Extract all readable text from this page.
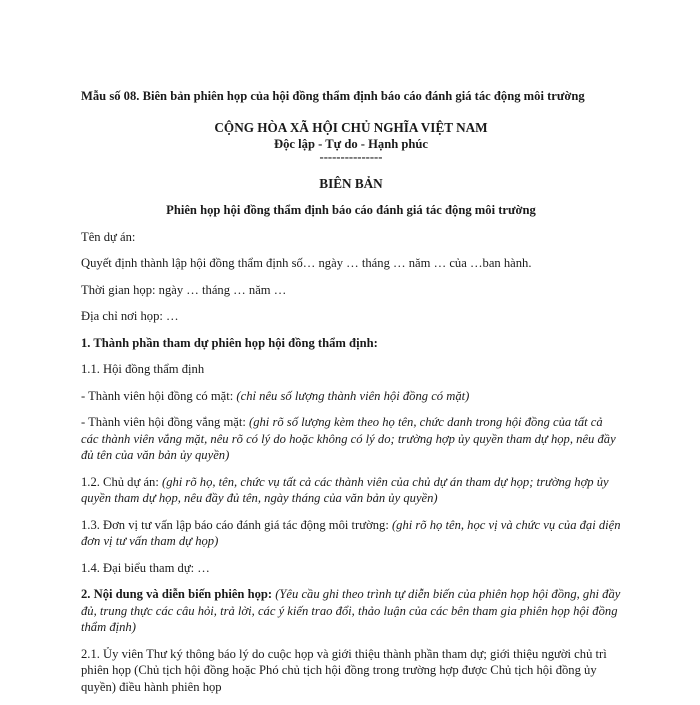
Mẫu số 08. Biên bản phiên họp của hội đồng thẩm định báo cáo đánh giá tác động môi trường

CỘNG HÒA XÃ HỘI CHỦ NGHĨA VIỆT NAM
Độc lập - Tự do - Hạnh phúc
---------------
BIÊN BẢN
Phiên họp hội đồng thẩm định báo cáo đánh giá tác động môi trường

Tên dự án:

Quyết định thành lập hội đồng thẩm định số… ngày … tháng … năm … của …ban hành.

Thời gian họp: ngày … tháng … năm …

Địa chỉ nơi họp: …

1. Thành phần tham dự phiên họp hội đồng thẩm định:

1.1. Hội đồng thẩm định

- Thành viên hội đồng có mặt: (chỉ nêu số lượng thành viên hội đồng có mặt)

- Thành viên hội đồng vắng mặt: (ghi rõ số lượng kèm theo họ tên, chức danh trong hội đồng của tất cả các thành viên vắng mặt, nêu rõ có lý do hoặc không có lý do; trường hợp ủy quyền tham dự họp, nêu đầy đủ tên của văn bản ủy quyền)

1.2. Chủ dự án: (ghi rõ họ, tên, chức vụ tất cả các thành viên của chủ dự án tham dự họp; trường hợp ủy quyền tham dự họp, nêu đầy đủ tên, ngày tháng của văn bản ủy quyền)

1.3. Đơn vị tư vấn lập báo cáo đánh giá tác động môi trường: (ghi rõ họ tên, học vị và chức vụ của đại diện đơn vị tư vấn tham dự họp)

1.4. Đại biểu tham dự: …

2. Nội dung và diễn biến phiên họp: (Yêu cầu ghi theo trình tự diễn biến của phiên họp hội đồng, ghi đầy đủ, trung thực các câu hỏi, trả lời, các ý kiến trao đổi, thảo luận của các bên tham gia phiên họp hội đồng thẩm định)

2.1. Ủy viên Thư ký thông báo lý do cuộc họp và giới thiệu thành phần tham dự; giới thiệu người chủ trì phiên họp (Chủ tịch hội đồng hoặc Phó chủ tịch hội đồng trong trường hợp được Chủ tịch hội đồng ủy quyền) điều hành phiên họp
